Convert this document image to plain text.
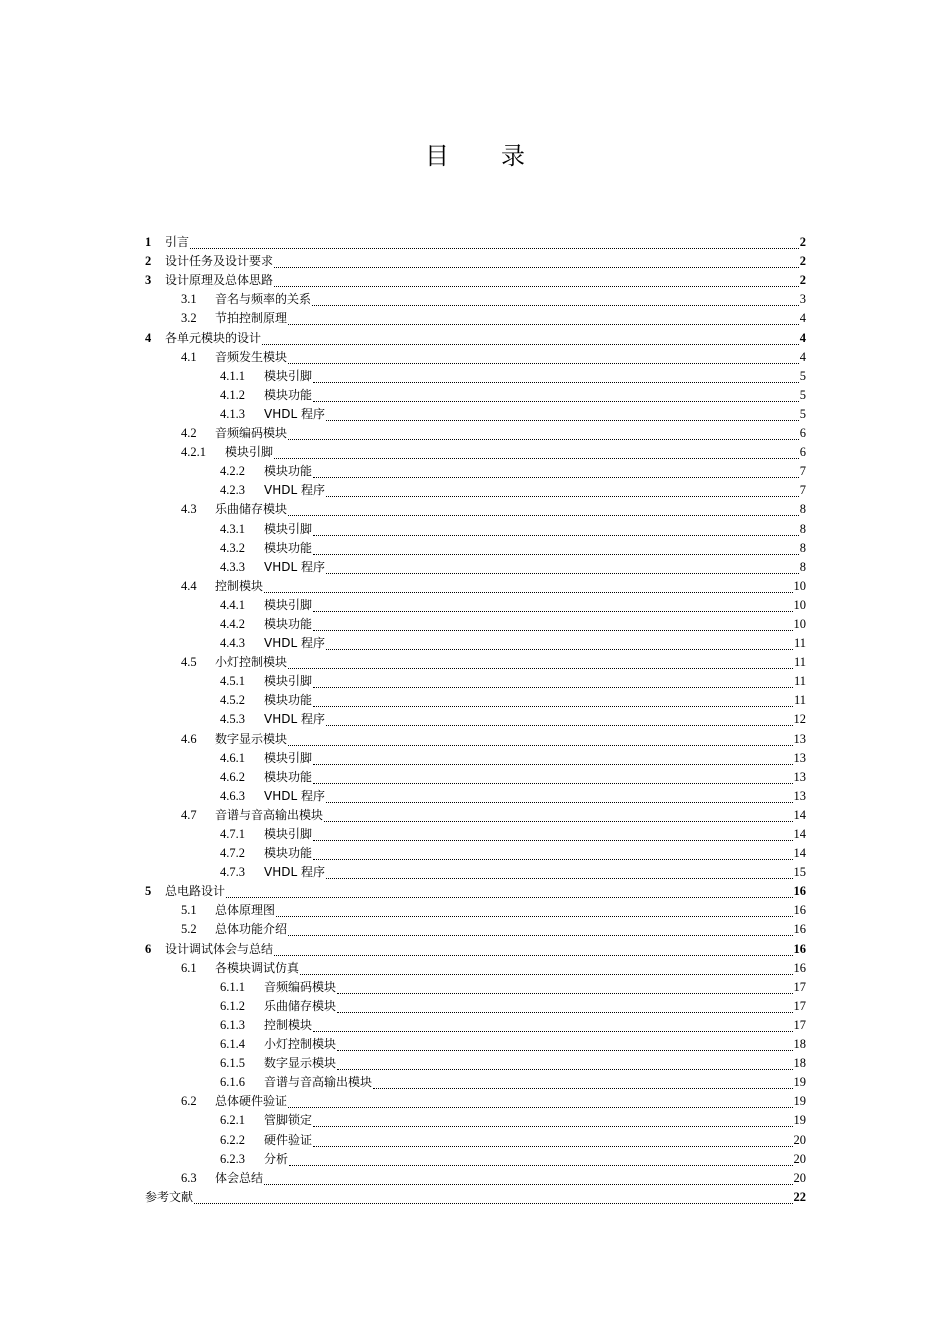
目 录
1	引言	2
2	设计任务及设计要求	2
3	设计原理及总体思路	2
3.1	音名与频率的关系	3
3.2	节拍控制原理	4
4	各单元模块的设计	4
4.1	音频发生模块	4
4.1.1	模块引脚	5
4.1.2	模块功能	5
4.1.3	VHDL 程序	5
4.2	音频编码模块	6
4.2.1	模块引脚	6
4.2.2	模块功能	7
4.2.3	VHDL 程序	7
4.3	乐曲储存模块	8
4.3.1	模块引脚	8
4.3.2	模块功能	8
4.3.3	VHDL 程序	8
4.4	控制模块	10
4.4.1	模块引脚	10
4.4.2	模块功能	10
4.4.3	VHDL 程序	11
4.5	小灯控制模块	11
4.5.1	模块引脚	11
4.5.2	模块功能	11
4.5.3	VHDL 程序	12
4.6	数字显示模块	13
4.6.1	模块引脚	13
4.6.2	模块功能	13
4.6.3	VHDL 程序	13
4.7	音谱与音高输出模块	14
4.7.1	模块引脚	14
4.7.2	模块功能	14
4.7.3	VHDL 程序	15
5	总电路设计	16
5.1	总体原理图	16
5.2	总体功能介绍	16
6	设计调试体会与总结	16
6.1	各模块调试仿真	16
6.1.1	音频编码模块	17
6.1.2	乐曲储存模块	17
6.1.3	控制模块	17
6.1.4	小灯控制模块	18
6.1.5	数字显示模块	18
6.1.6	音谱与音高输出模块	19
6.2	总体硬件验证	19
6.2.1	管脚锁定	19
6.2.2	硬件验证	20
6.2.3	分析	20
6.3	体会总结	20
参考文献	22
